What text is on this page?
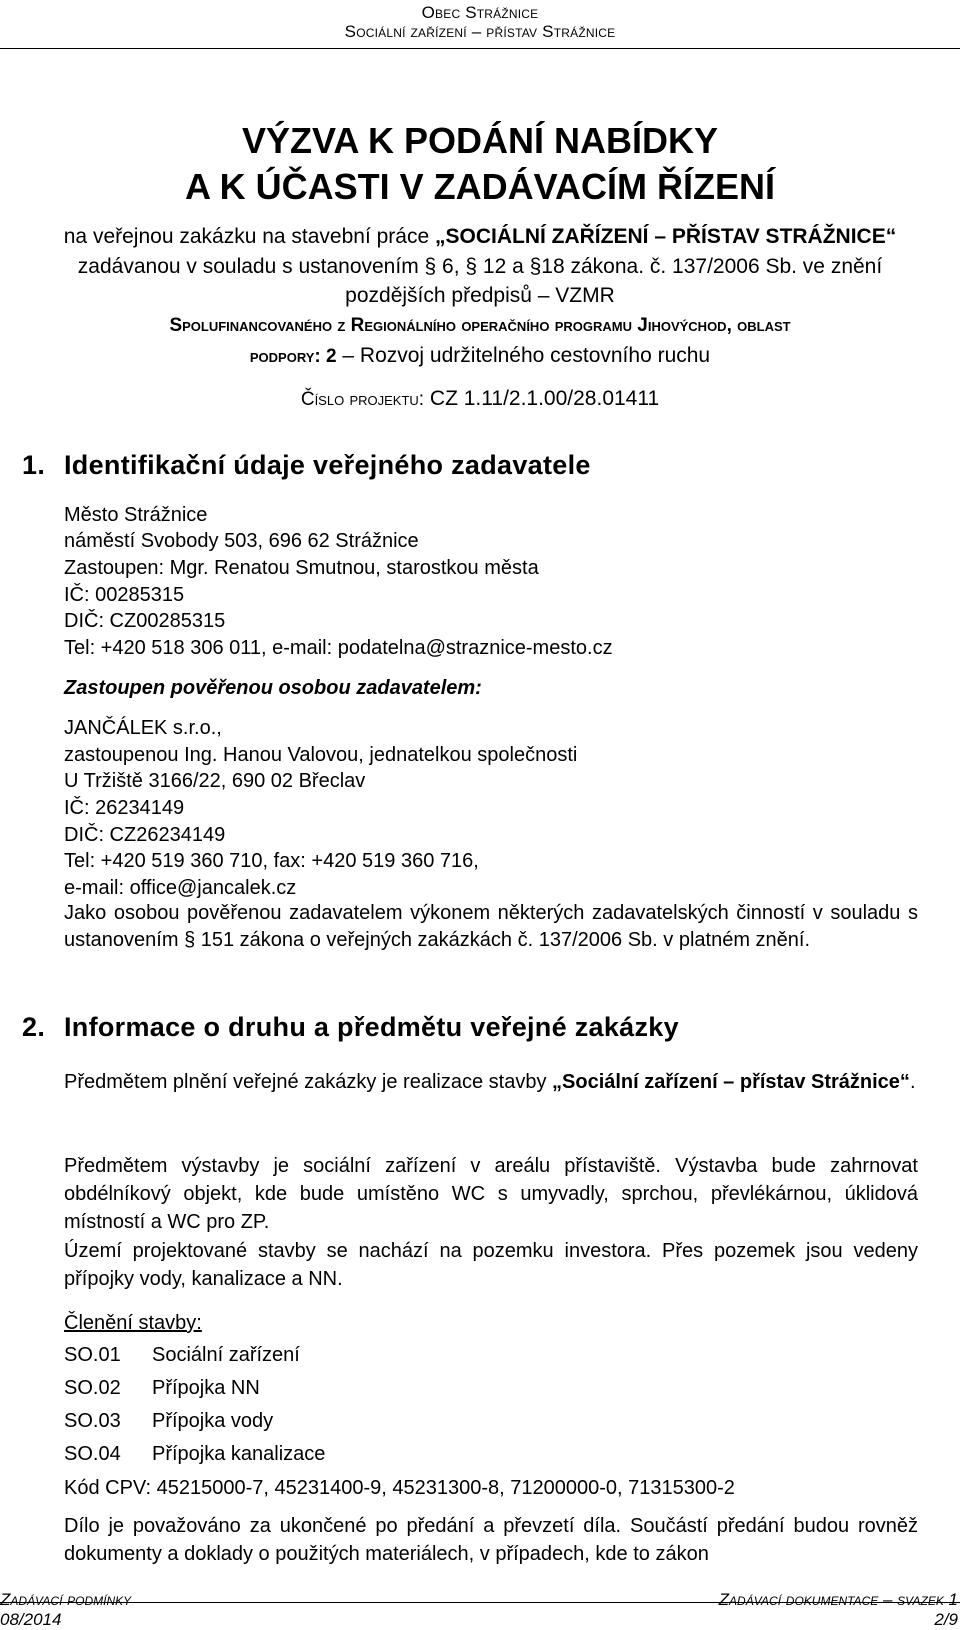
Obec Strážnice
Sociální zařízení – přístav Strážnice
VÝZVA K PODÁNÍ NABÍDKY
A K ÚČASTI V ZADÁVACÍM ŘÍZENÍ
na veřejnou zakázku na stavební práce „SOCIÁLNÍ ZAŘÍZENÍ – PŘÍSTAV STRÁŽNICE“
zadávanou v souladu s ustanovením § 6, § 12 a §18 zákona. č. 137/2006 Sb. ve znění
pozdějších předpisů – VZMR
Spolufinancovaného z Regionálního operačního programu Jihovýchod, oblast
podpory: 2 – Rozvoj udržitelného cestovního ruchu
Číslo projektu: CZ 1.11/2.1.00/28.01411
1. Identifikační údaje veřejného zadavatele
Město Strážnice
náměstí Svobody 503, 696 62 Strážnice
Zastoupen: Mgr. Renatou Smutnou, starostkou města
IČ: 00285315
DIČ: CZ00285315
Tel: +420 518 306 011, e-mail: podatelna@straznice-mesto.cz
Zastoupen pověřenou osobou zadavatelem:
JANČÁLEK s.r.o.,
zastoupenou Ing. Hanou Valovou, jednatelkou společnosti
U Tržiště 3166/22, 690 02 Břeclav
IČ: 26234149
DIČ: CZ26234149
Tel: +420 519 360 710, fax: +420 519 360 716,
e-mail: office@jancalek.cz

Jako osobou pověřenou zadavatelem výkonem některých zadavatelských činností v souladu s ustanovením § 151 zákona o veřejných zakázkách č. 137/2006 Sb. v platném znění.

2. Informace o druhu a předmětu veřejné zakázky

Předmětem plnění veřejné zakázky je realizace stavby „Sociální zařízení – přístav Strážnice“.

Předmětem výstavby je sociální zařízení v areálu přístaviště. Výstavba bude zahrnovat obdélníkový objekt, kde bude umístěno WC s umyvadly, sprchou, převlékárnou, úklidová místností a WC pro ZP.

Území projektované stavby se nachází na pozemku investora. Přes pozemek jsou vedeny přípojky vody, kanalizace a NN.

Členění stavby:
SO.01 Sociální zařízení
SO.02 Přípojka NN
SO.03 Přípojka vody
SO.04 Přípojka kanalizace
Kód CPV: 45215000-7, 45231400-9, 45231300-8, 71200000-0, 71315300-2

Dílo je považováno za ukončené po předání a převzetí díla. Součástí předání budou rovněž dokumenty a doklady o použitých materiálech, v případech, kde to zákon

Zadávací podmínky
08/2014
Zadávací dokumentace – svazek 1
2/9
